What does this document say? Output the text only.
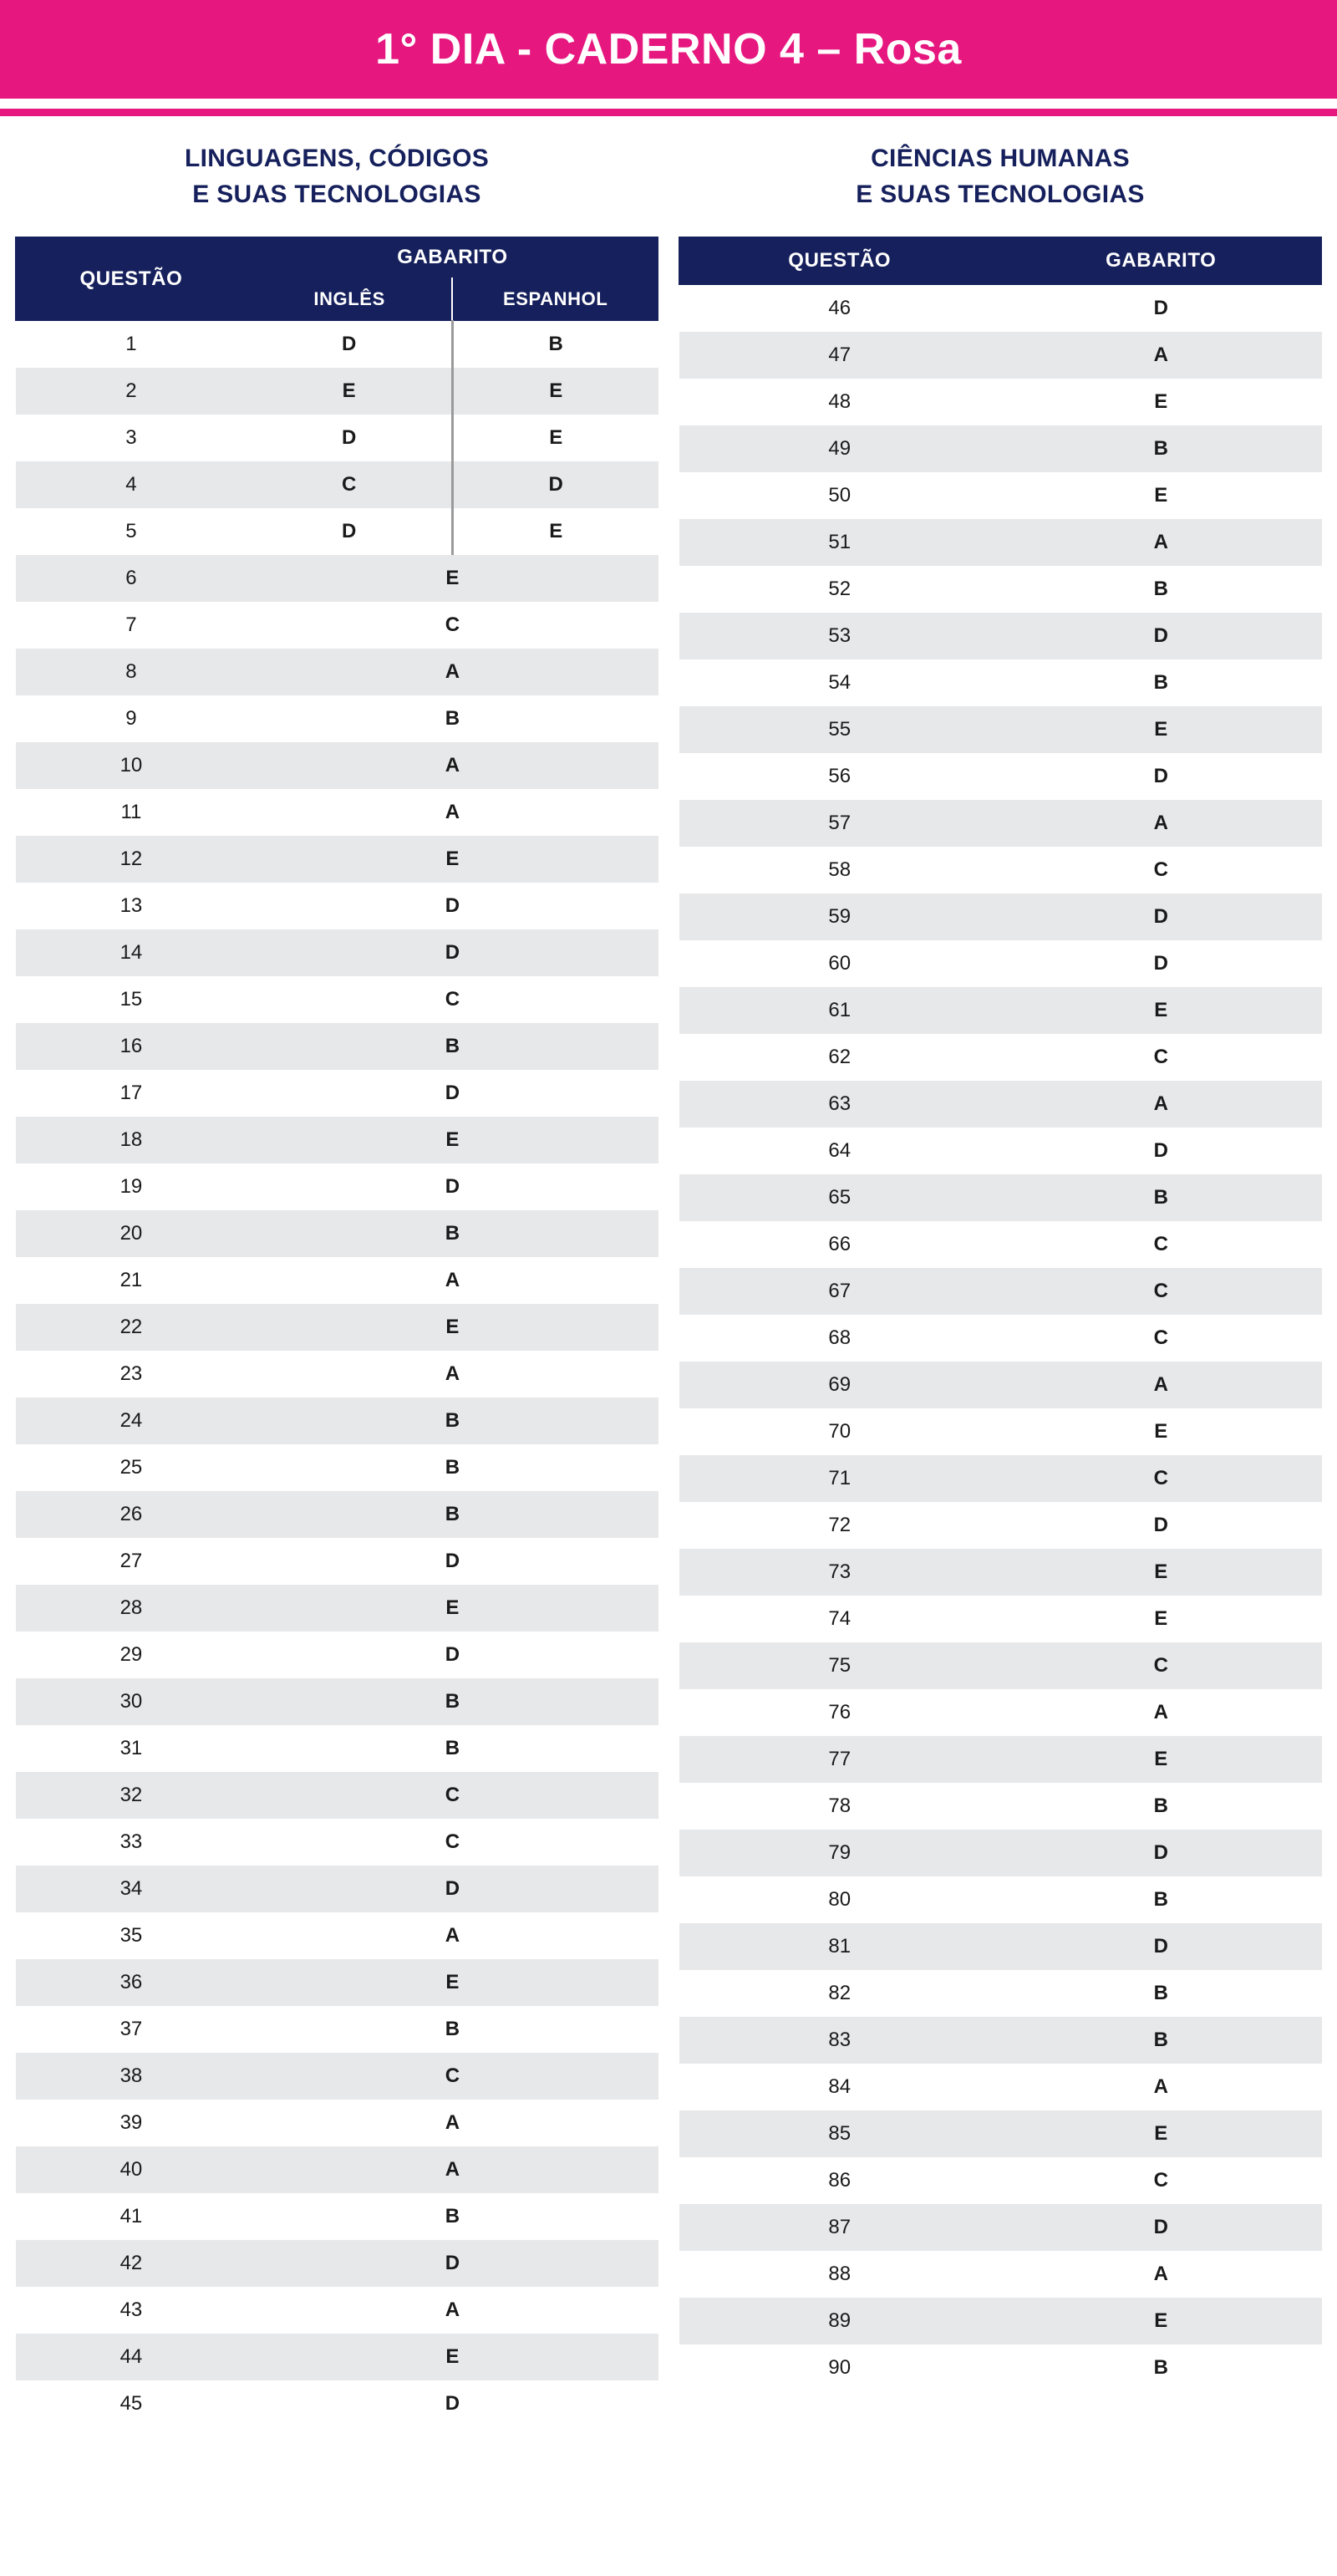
1° DIA - CADERNO 4 – Rosa
LINGUAGENS, CÓDIGOS
E SUAS TECNOLOGIAS
QUESTÃO	GABARITO	
	INGLÊS	ESPANHOL
1	D	B
2	E	E
3	D	E
4	C	D
5	D	E
6	E	
7	C	
8	A	
9	B	
10	A	
11	A	
12	E	
13	D	
14	D	
15	C	
16	B	
17	D	
18	E	
19	D	
20	B	
21	A	
22	E	
23	A	
24	B	
25	B	
26	B	
27	D	
28	E	
29	D	
30	B	
31	B	
32	C	
33	C	
34	D	
35	A	
36	E	
37	B	
38	C	
39	A	
40	A	
41	B	
42	D	
43	A	
44	E	
45	D	
CIÊNCIAS HUMANAS
E SUAS TECNOLOGIAS
QUESTÃO	GABARITO
46	D
47	A
48	E
49	B
50	E
51	A
52	B
53	D
54	B
55	E
56	D
57	A
58	C
59	D
60	D
61	E
62	C
63	A
64	D
65	B
66	C
67	C
68	C
69	A
70	E
71	C
72	D
73	E
74	E
75	C
76	A
77	E
78	B
79	D
80	B
81	D
82	B
83	B
84	A
85	E
86	C
87	D
88	A
89	E
90	B
